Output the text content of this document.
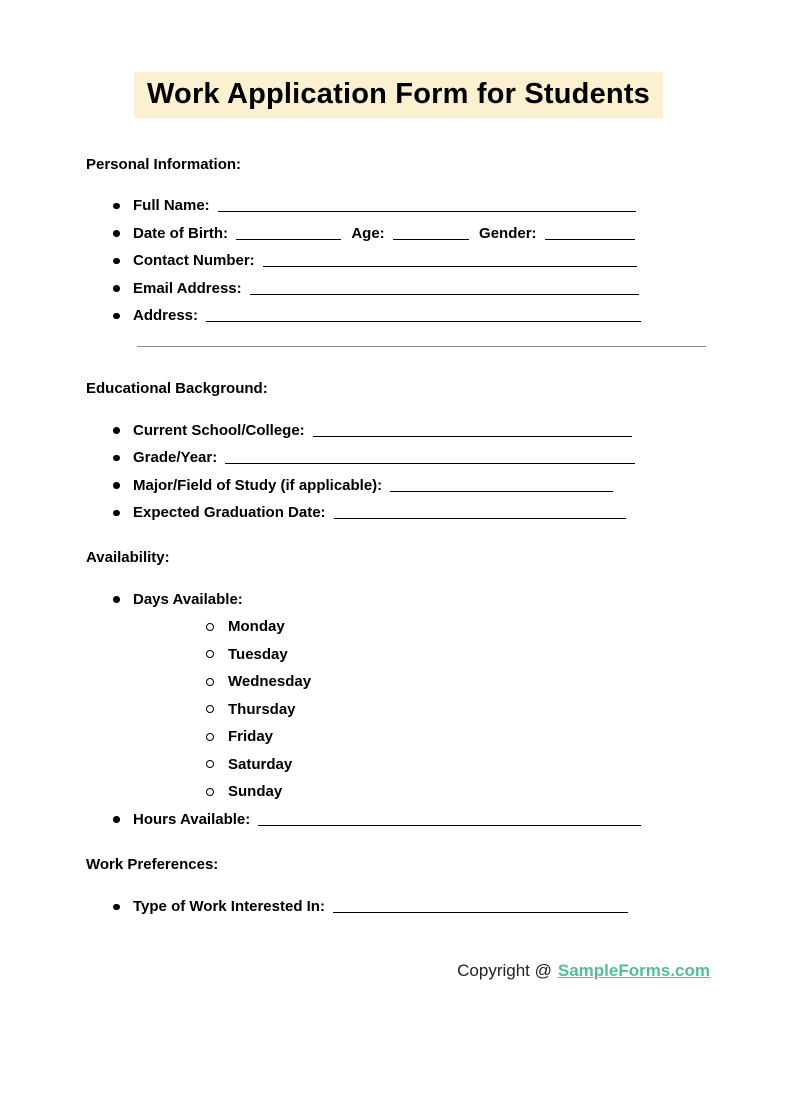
Work Application Form for Students
Personal Information:
Full Name:
Date of Birth:	Age:	Gender:
Contact Number:
Email Address:
Address:
Educational Background:
Current School/College:
Grade/Year:
Major/Field of Study (if applicable):
Expected Graduation Date:
Availability:
Days Available:
Monday
Tuesday
Wednesday
Thursday
Friday
Saturday
Sunday
Hours Available:
Work Preferences:
Type of Work Interested In:
Copyright @ SampleForms.com
